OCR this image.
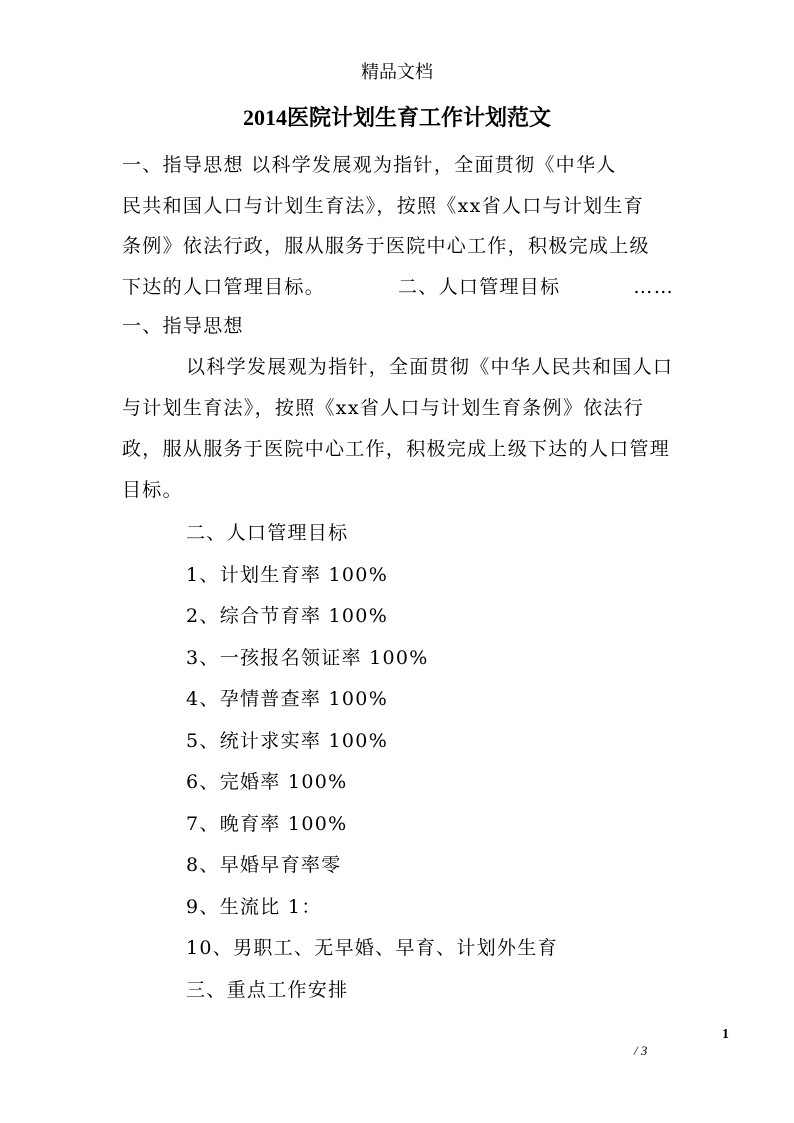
精品文档
2014医院计划生育工作计划范文
一、指导思想 以科学发展观为指针，全面贯彻《中华人
民共和国人口与计划生育法》，按照《xx省人口与计划生育
条例》依法行政，服从服务于医院中心工作，积极完成上级
下达的人口管理目标。	二、人口管理目标	……
一、指导思想
以科学发展观为指针，全面贯彻《中华人民共和国人口与计划生育法》，按照《xx省人口与计划生育条例》依法行政，服从服务于医院中心工作，积极完成上级下达的人口管理目标。
二、人口管理目标
1、计划生育率 100%
2、综合节育率 100%
3、一孩报名领证率 100%
4、孕情普查率 100%
5、统计求实率 100%
6、完婚率 100%
7、晚育率 100%
8、早婚早育率零
9、生流比 1：
10、男职工、无早婚、早育、计划外生育
三、重点工作安排
1
/ 3
